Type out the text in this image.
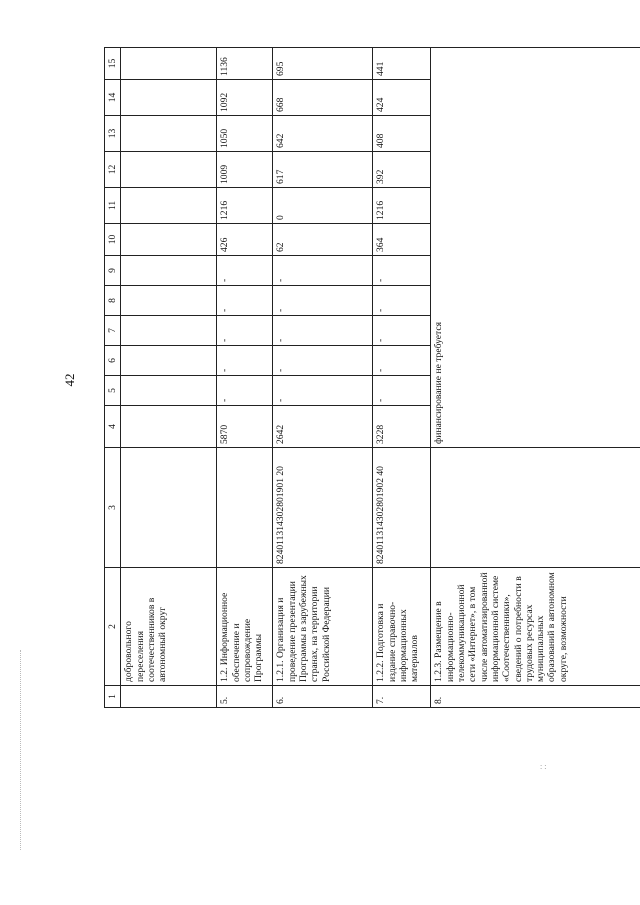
42
1	2	3	4	5	6	7	8	9	10	11	12	13	14	15
	добровольного переселения соотечественников в автономный округ													
5.	1.2. Информационное обеспечение и сопровождение Программы		5870	-	-	-	-	-	426	1216	1009	1050	1092	1136
6.	1.2.1. Организация и проведение презентации Программы в зарубежных странах, на территории Российской Федерации	824011314302801901 20	2642	-	-	-	-	-	62	0	617	642	668	695
7.	1.2.2. Подготовка и издание справочно-информационных материалов	824011314302801902 40	3228	-	-	-	-	-	364	1216	392	408	424	441
8.	1.2.3. Размещение в информационно-телекоммуникационной сети «Интернет», в том числе автоматизированной информационной системе «Соотечественники», сведений о потребности в трудовых ресурсах муниципальных образований в автономном округе, возможности		финансирование не требуется											
: :
